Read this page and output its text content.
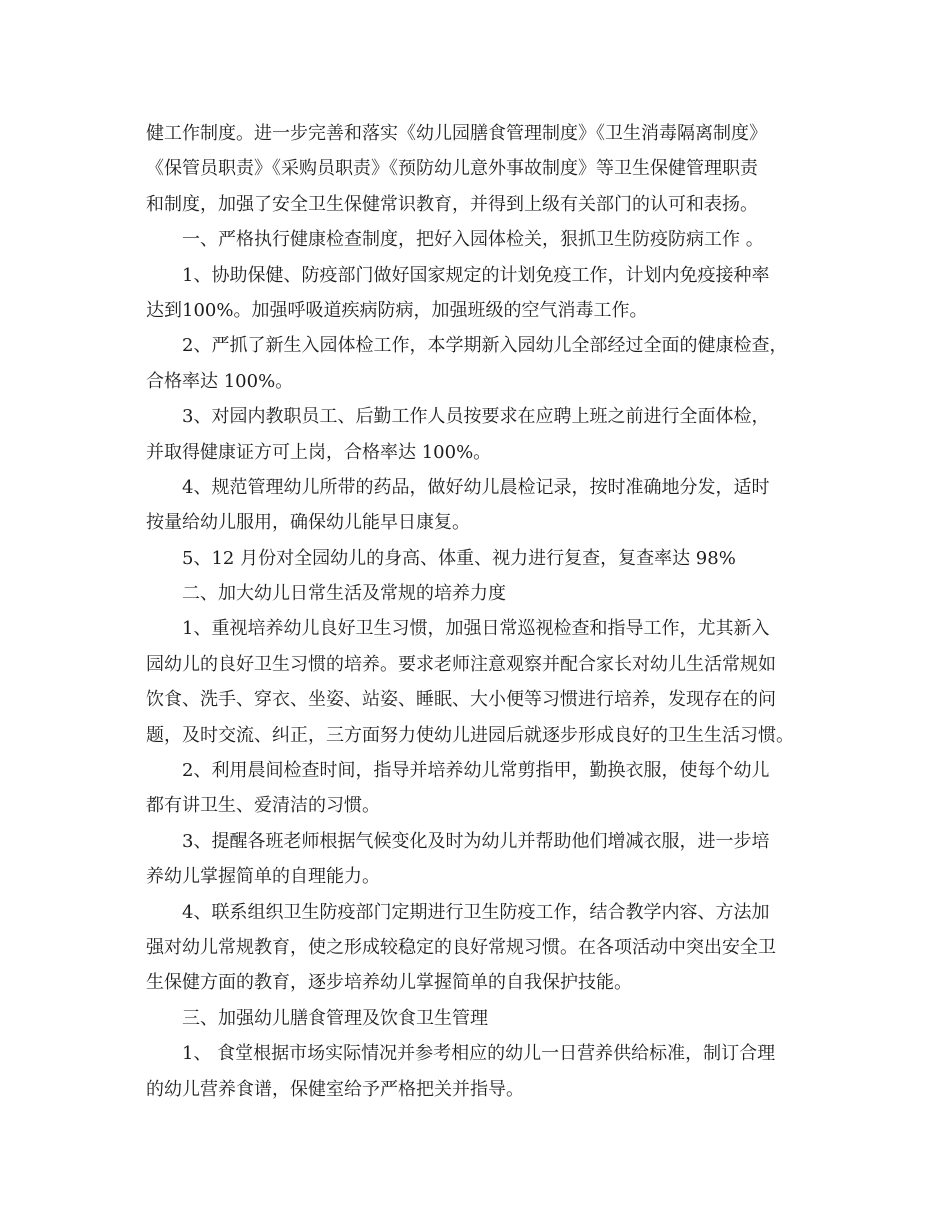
健工作制度。进一步完善和落实《幼儿园膳食管理制度》《卫生消毒隔离制度》
《保管员职责》《采购员职责》《预防幼儿意外事故制度》等卫生保健管理职责
和制度，加强了安全卫生保健常识教育，并得到上级有关部门的认可和表扬。
一、严格执行健康检查制度，把好入园体检关，狠抓卫生防疫防病工作 。
1、协助保健、防疫部门做好国家规定的计划免疫工作，计划内免疫接种率
达到100%。加强呼吸道疾病防病，加强班级的空气消毒工作。
2、严抓了新生入园体检工作，本学期新入园幼儿全部经过全面的健康检查，
合格率达 100%。
3、对园内教职员工、后勤工作人员按要求在应聘上班之前进行全面体检，
并取得健康证方可上岗，合格率达 100%。
4、规范管理幼儿所带的药品，做好幼儿晨检记录，按时准确地分发，适时
按量给幼儿服用，确保幼儿能早日康复。
5、12 月份对全园幼儿的身高、体重、视力进行复查，复查率达 98%
二、加大幼儿日常生活及常规的培养力度
1、重视培养幼儿良好卫生习惯，加强日常巡视检查和指导工作，尤其新入
园幼儿的良好卫生习惯的培养。要求老师注意观察并配合家长对幼儿生活常规如
饮食、洗手、穿衣、坐姿、站姿、睡眠、大小便等习惯进行培养，发现存在的问
题，及时交流、纠正，三方面努力使幼儿进园后就逐步形成良好的卫生生活习惯。
2、利用晨间检查时间，指导并培养幼儿常剪指甲，勤换衣服，使每个幼儿
都有讲卫生、爱清洁的习惯。
3、提醒各班老师根据气候变化及时为幼儿并帮助他们增减衣服，进一步培
养幼儿掌握简单的自理能力。
4、联系组织卫生防疫部门定期进行卫生防疫工作，结合教学内容、方法加
强对幼儿常规教育，使之形成较稳定的良好常规习惯。在各项活动中突出安全卫
生保健方面的教育，逐步培养幼儿掌握简单的自我保护技能。
三、加强幼儿膳食管理及饮食卫生管理
1、 食堂根据市场实际情况并参考相应的幼儿一日营养供给标准，制订合理
的幼儿营养食谱，保健室给予严格把关并指导。
